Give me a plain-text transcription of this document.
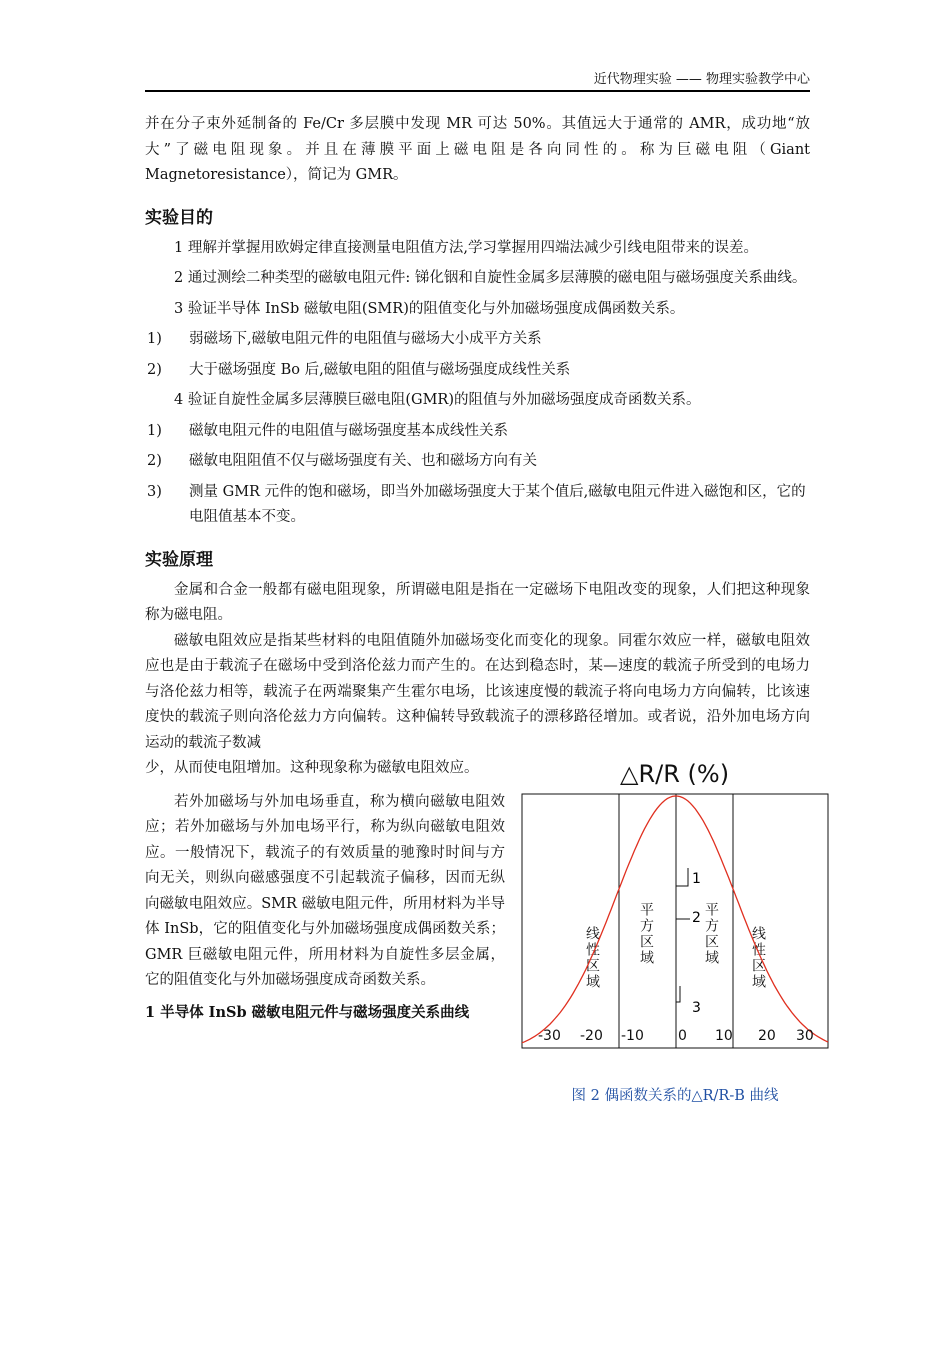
近代物理实验 —— 物理实验教学中心

并在分子束外延制备的 Fe/Cr 多层膜中发现 MR 可达 50%。其值远大于通常的 AMR，成功地“放大”了磁电阻现象。并且在薄膜平面上磁电阻是各向同性的。称为巨磁电阻（Giant Magnetoresistance），简记为 GMR。

实验目的

1 理解并掌握用欧姆定律直接测量电阻值方法,学习掌握用四端法减少引线电阻带来的误差。

2 通过测绘二种类型的磁敏电阻元件: 锑化铟和自旋性金属多层薄膜的磁电阻与磁场强度关系曲线。

3 验证半导体 InSb 磁敏电阻(SMR)的阻值变化与外加磁场强度成偶函数关系。

1)	弱磁场下,磁敏电阻元件的电阻值与磁场大小成平方关系
2)	大于磁场强度 Bo 后,磁敏电阻的阻值与磁场强度成线性关系

4 验证自旋性金属多层薄膜巨磁电阻(GMR)的阻值与外加磁场强度成奇函数关系。

1)	磁敏电阻元件的电阻值与磁场强度基本成线性关系
2)	磁敏电阻阻值不仅与磁场强度有关、也和磁场方向有关
3)	测量 GMR 元件的饱和磁场，即当外加磁场强度大于某个值后,磁敏电阻元件进入磁饱和区，它的电阻值基本不变。
实验原理

金属和合金一般都有磁电阻现象，所谓磁电阻是指在一定磁场下电阻改变的现象，人们把这种现象称为磁电阻。

磁敏电阻效应是指某些材料的电阻值随外加磁场变化而变化的现象。同霍尔效应一样，磁敏电阻效应也是由于载流子在磁场中受到洛伦兹力而产生的。在达到稳态时，某—速度的载流子所受到的电场力与洛伦兹力相等，载流子在两端聚集产生霍尔电场，比该速度慢的载流子将向电场力方向偏转，比该速度快的载流子则向洛伦兹力方向偏转。这种偏转导致载流子的漂移路径增加。或者说，沿外加电场方向运动的载流子数减

少，从而使电阻增加。这种现象称为磁敏电阻效应。

若外加磁场与外加电场垂直，称为横向磁敏电阻效应；若外加磁场与外加电场平行，称为纵向磁敏电阻效应。一般情况下，载流子的有效质量的驰豫时时间与方向无关，则纵向磁感强度不引起载流子偏移，因而无纵向磁敏电阻效应。SMR 磁敏电阻元件，所用材料为半导体 InSb，它的阻值变化与外加磁场强度成偶函数关系； GMR 巨磁敏电阻元件，所用材料为自旋性多层金属，它的阻值变化与外加磁场强度成奇函数关系。

1 半导体 InSb 磁敏电阻元件与磁场强度关系曲线
△R/R (%)
1
2
3
线性区域	平方区域	平方区域 线性区域
-30 -20 -10 0 10 20 30
图 2 偶函数关系的△R/R-B 曲线
